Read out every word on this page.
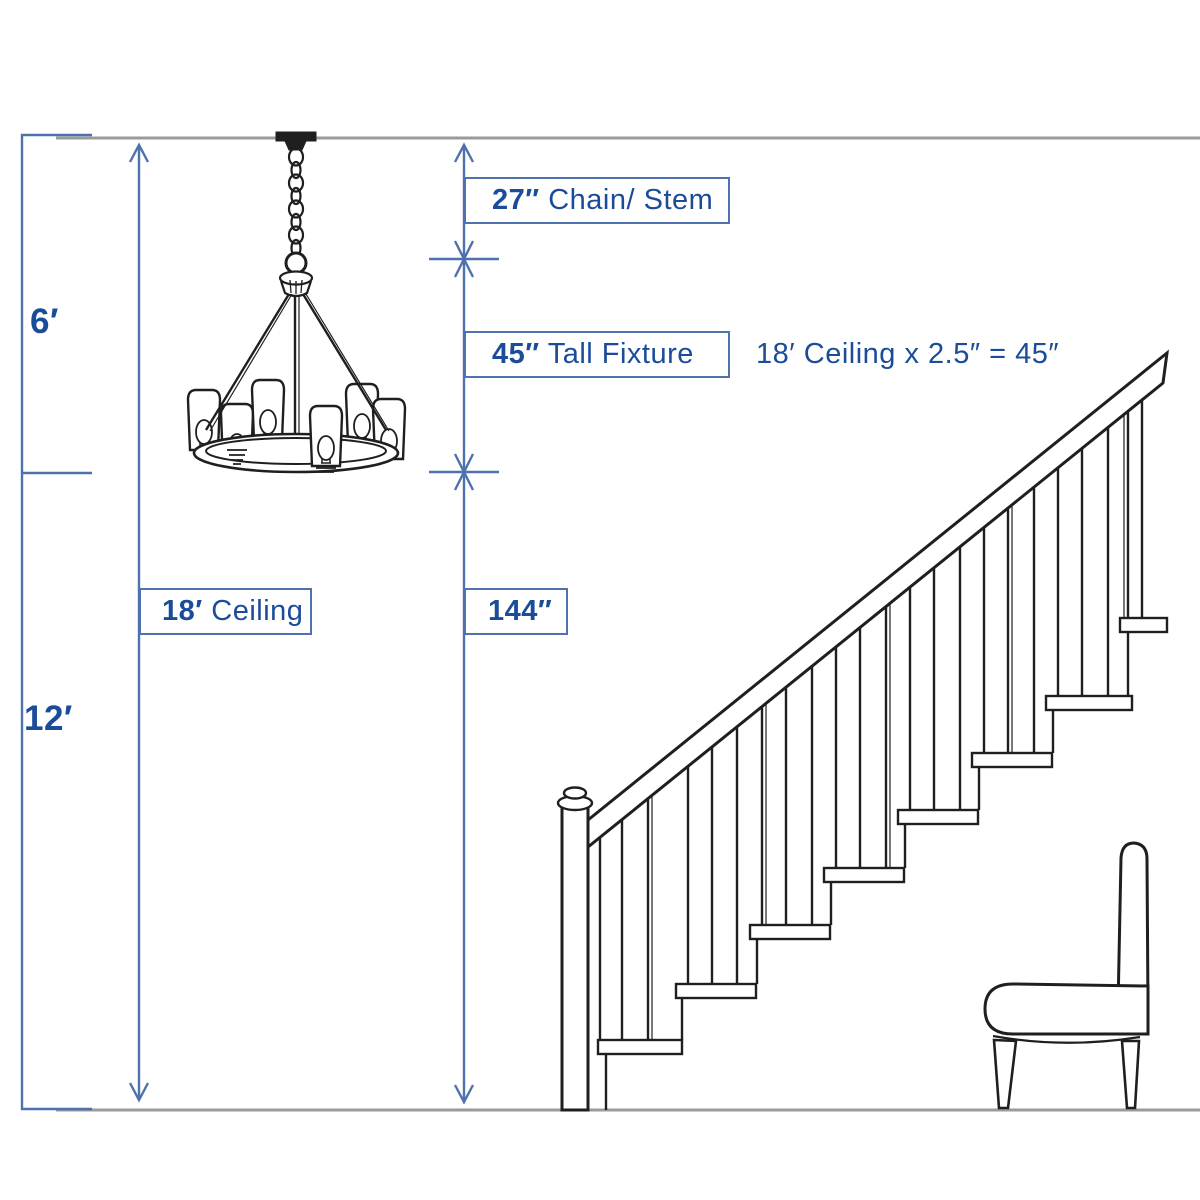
27″ Chain/ Stem
45″ Tall Fixture
18′ Ceiling	144″
18′ Ceiling x 2.5″ = 45″
6′
12′
